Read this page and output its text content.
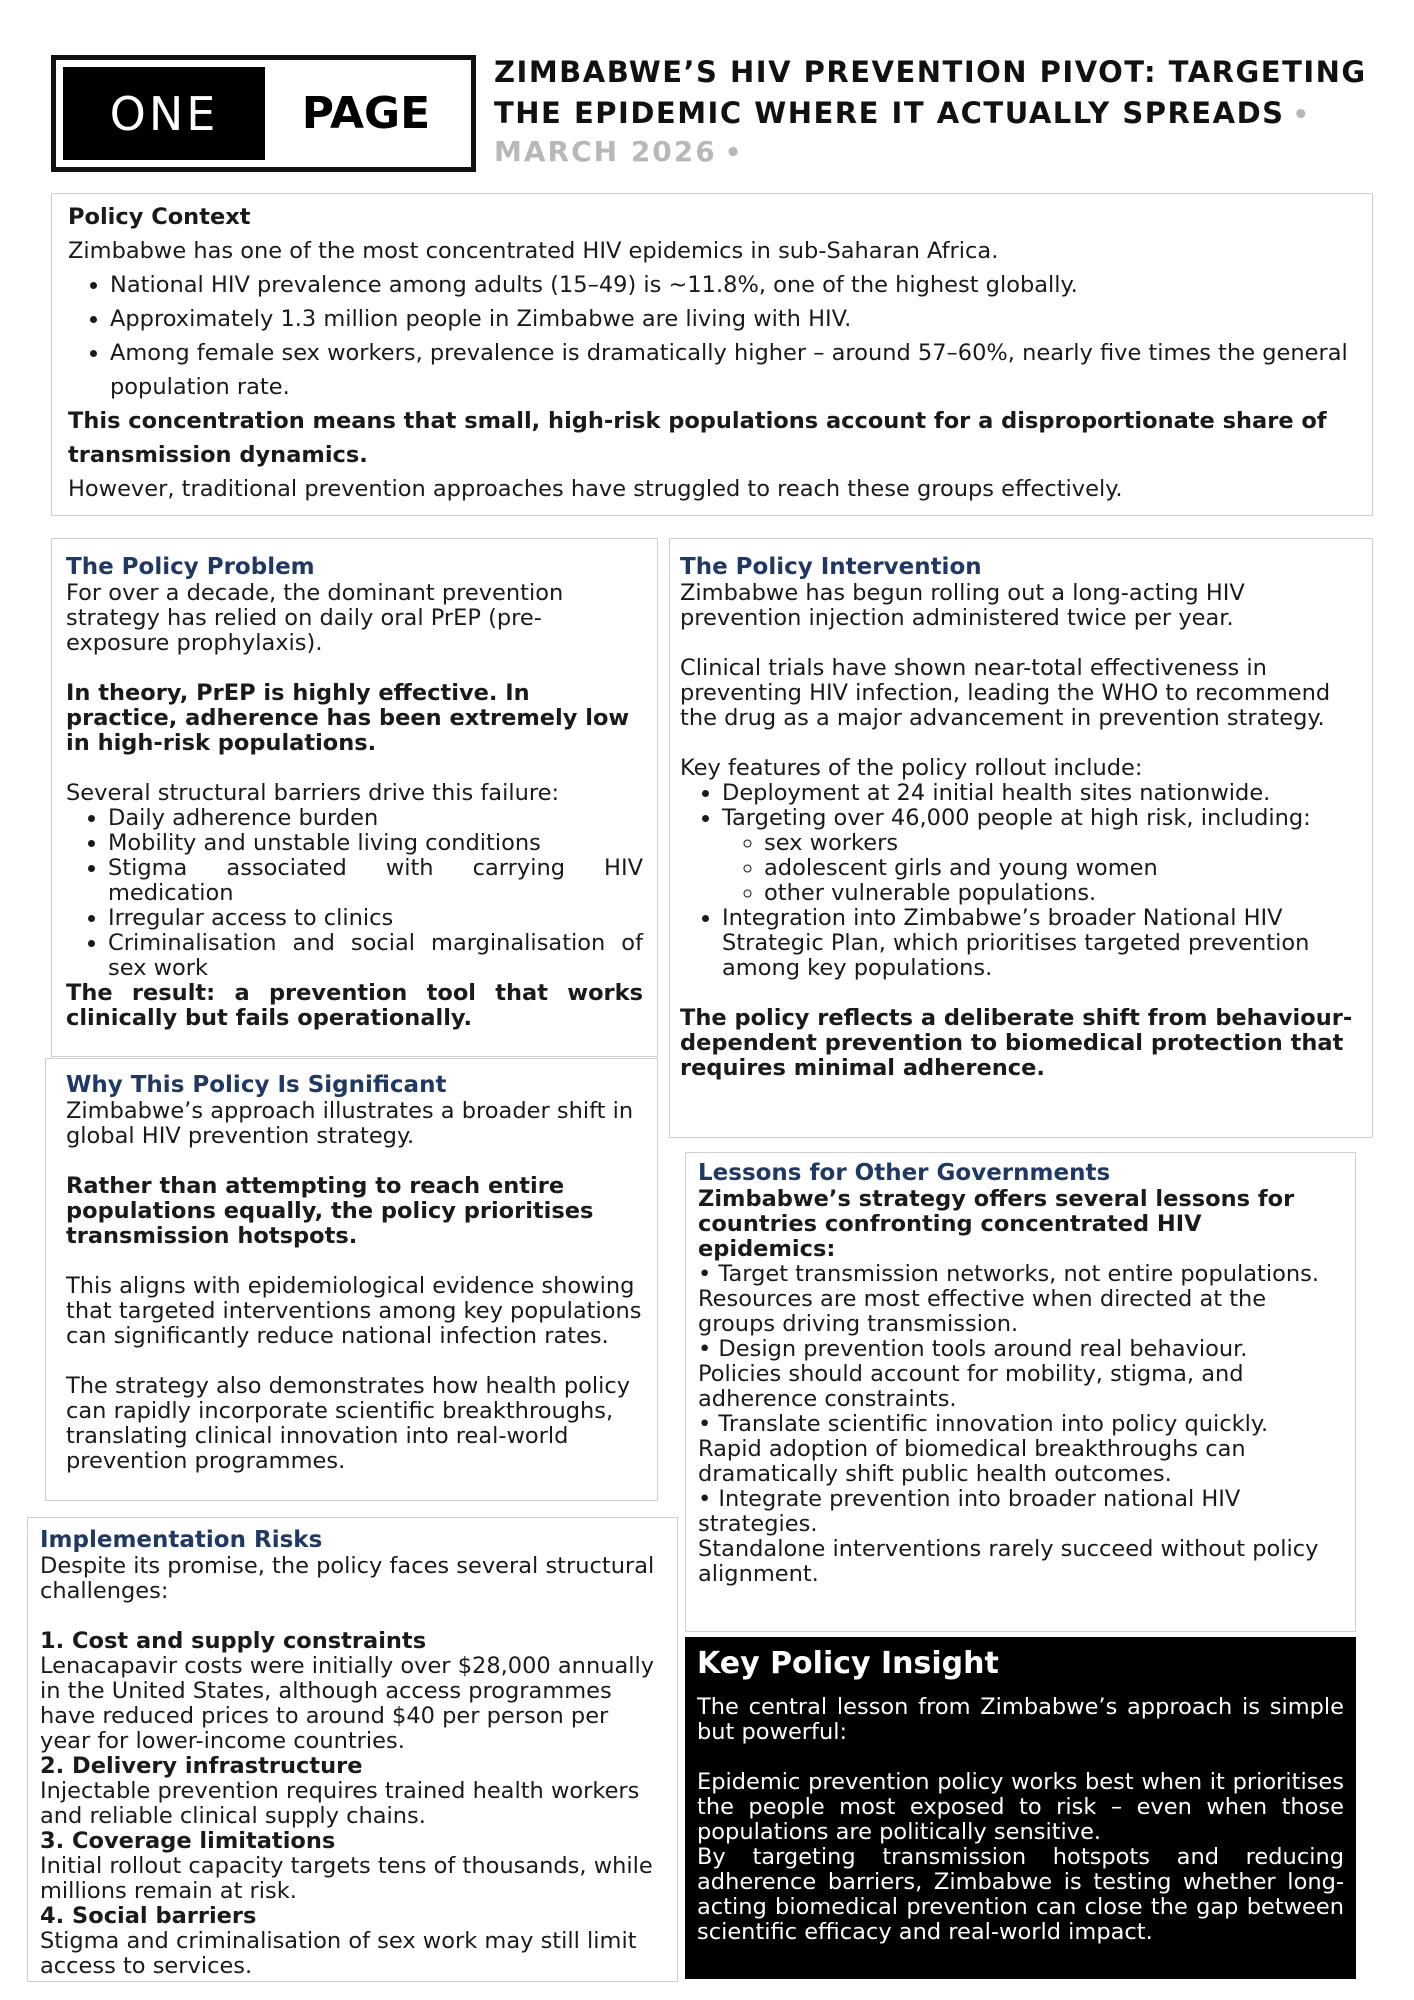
ONE	PAGE
ZIMBABWE’S HIV PREVENTION PIVOT: TARGETING
THE EPIDEMIC WHERE IT ACTUALLY SPREADS •
MARCH 2026 •
Policy Context
Zimbabwe has one of the most concentrated HIV epidemics in sub-Saharan Africa.
• National HIV prevalence among adults (15–49) is ~11.8%, one of the highest globally.
• Approximately 1.3 million people in Zimbabwe are living with HIV.
• Among female sex workers, prevalence is dramatically higher – around 57–60%, nearly five times the general population rate.
This concentration means that small, high-risk populations account for a disproportionate share of transmission dynamics.
However, traditional prevention approaches have struggled to reach these groups effectively.
The Policy Problem

For over a decade, the dominant prevention strategy has relied on daily oral PrEP (pre-exposure prophylaxis).

In theory, PrEP is highly effective. In practice, adherence has been extremely low in high-risk populations.

Several structural barriers drive this failure:

• Daily adherence burden
• Mobility and unstable living conditions
• Stigma associated with carrying HIV medication
• Irregular access to clinics
• Criminalisation and social marginalisation of sex work

The result: a prevention tool that works clinically but fails operationally.

The Policy Intervention

Zimbabwe has begun rolling out a long-acting HIV prevention injection administered twice per year.

Clinical trials have shown near-total effectiveness in preventing HIV infection, leading the WHO to recommend the drug as a major advancement in prevention strategy.

Key features of the policy rollout include:

• Deployment at 24 initial health sites nationwide.
• Targeting over 46,000 people at high risk, including:
◦ sex workers
◦ adolescent girls and young women
◦ other vulnerable populations.
• Integration into Zimbabwe’s broader National HIV Strategic Plan, which prioritises targeted prevention among key populations.

The policy reflects a deliberate shift from behaviour-dependent prevention to biomedical protection that requires minimal adherence.

Why This Policy Is Significant

Zimbabwe’s approach illustrates a broader shift in global HIV prevention strategy.

Rather than attempting to reach entire populations equally, the policy prioritises transmission hotspots.

This aligns with epidemiological evidence showing that targeted interventions among key populations can significantly reduce national infection rates.

The strategy also demonstrates how health policy can rapidly incorporate scientific breakthroughs, translating clinical innovation into real-world prevention programmes.

Lessons for Other Governments

Zimbabwe’s strategy offers several lessons for countries confronting concentrated HIV epidemics:

• Target transmission networks, not entire populations.

Resources are most effective when directed at the groups driving transmission.

• Design prevention tools around real behaviour.

Policies should account for mobility, stigma, and adherence constraints.

• Translate scientific innovation into policy quickly.

Rapid adoption of biomedical breakthroughs can dramatically shift public health outcomes.

• Integrate prevention into broader national HIV strategies.

Standalone interventions rarely succeed without policy alignment.

Implementation Risks

Despite its promise, the policy faces several structural challenges:

1. Cost and supply constraints

Lenacapavir costs were initially over $28,000 annually in the United States, although access programmes have reduced prices to around $40 per person per year for lower-income countries.

2. Delivery infrastructure

Injectable prevention requires trained health workers and reliable clinical supply chains.

3. Coverage limitations

Initial rollout capacity targets tens of thousands, while millions remain at risk.

4. Social barriers

Stigma and criminalisation of sex work may still limit access to services.

Key Policy Insight

The central lesson from Zimbabwe’s approach is simple but powerful:

Epidemic prevention policy works best when it prioritises the people most exposed to risk – even when those populations are politically sensitive.

By targeting transmission hotspots and reducing adherence barriers, Zimbabwe is testing whether long-acting biomedical prevention can close the gap between scientific efficacy and real-world impact.
